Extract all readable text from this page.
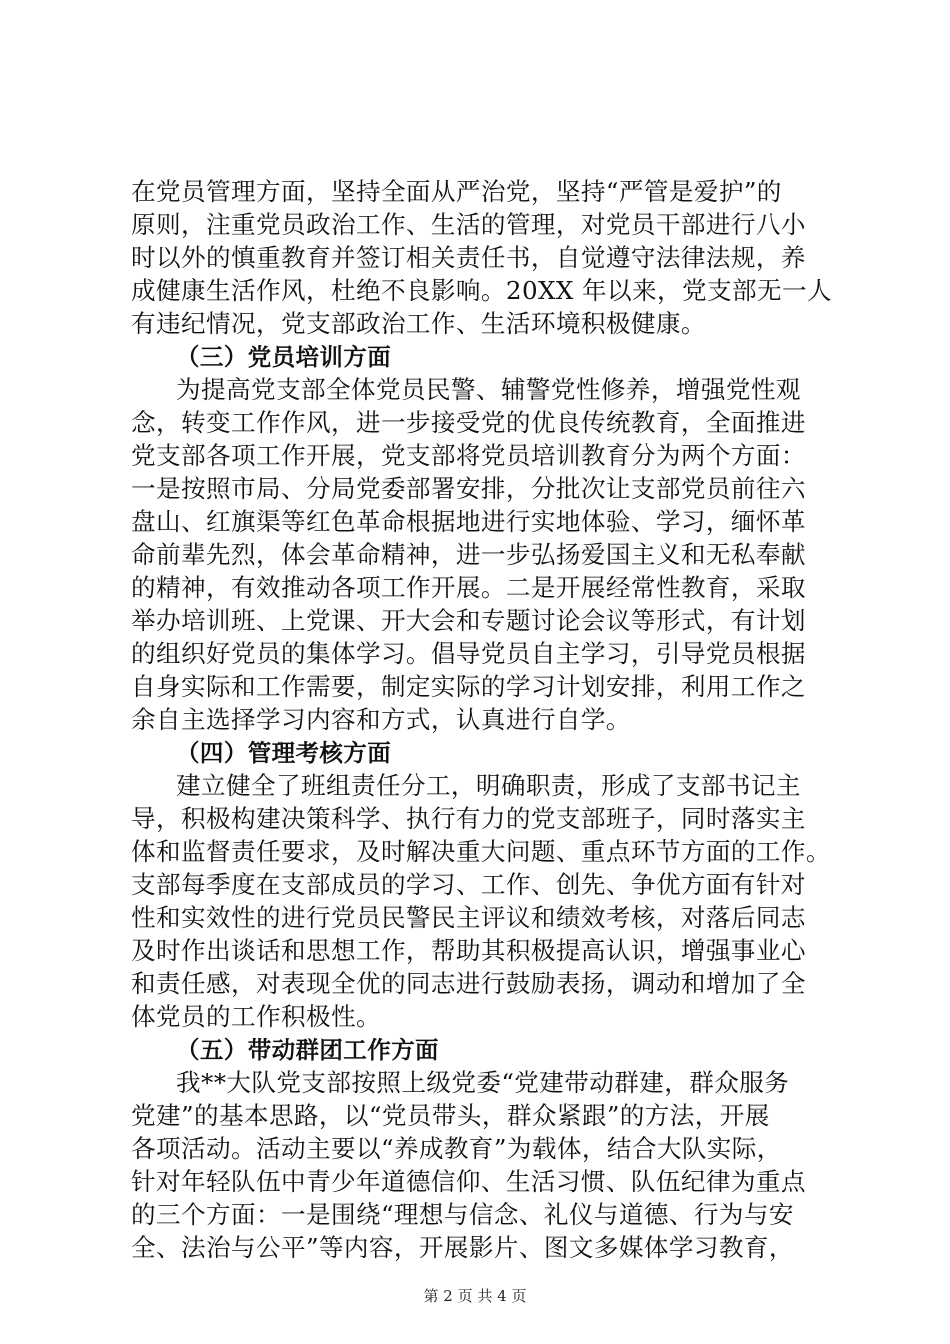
在党员管理方面，坚持全面从严治党，坚持“严管是爱护”的
原则，注重党员政治工作、生活的管理，对党员干部进行八小
时以外的慎重教育并签订相关责任书，自觉遵守法律法规，养
成健康生活作风，杜绝不良影响。20XX 年以来，党支部无一人
有违纪情况，党支部政治工作、生活环境积极健康。
（三）党员培训方面
为提高党支部全体党员民警、辅警党性修养，增强党性观
念，转变工作作风，进一步接受党的优良传统教育，全面推进
党支部各项工作开展，党支部将党员培训教育分为两个方面：
一是按照市局、分局党委部署安排，分批次让支部党员前往六
盘山、红旗渠等红色革命根据地进行实地体验、学习，缅怀革
命前辈先烈，体会革命精神，进一步弘扬爱国主义和无私奉献
的精神，有效推动各项工作开展。二是开展经常性教育，采取
举办培训班、上党课、开大会和专题讨论会议等形式，有计划
的组织好党员的集体学习。倡导党员自主学习，引导党员根据
自身实际和工作需要，制定实际的学习计划安排，利用工作之
余自主选择学习内容和方式，认真进行自学。
（四）管理考核方面
建立健全了班组责任分工，明确职责，形成了支部书记主
导，积极构建决策科学、执行有力的党支部班子，同时落实主
体和监督责任要求，及时解决重大问题、重点环节方面的工作。
支部每季度在支部成员的学习、工作、创先、争优方面有针对
性和实效性的进行党员民警民主评议和绩效考核，对落后同志
及时作出谈话和思想工作，帮助其积极提高认识，增强事业心
和责任感，对表现全优的同志进行鼓励表扬，调动和增加了全
体党员的工作积极性。
（五）带动群团工作方面
我**大队党支部按照上级党委“党建带动群建，群众服务
党建”的基本思路，以“党员带头，群众紧跟”的方法，开展
各项活动。活动主要以“养成教育”为载体，结合大队实际，
针对年轻队伍中青少年道德信仰、生活习惯、队伍纪律为重点
的三个方面：一是围绕“理想与信念、礼仪与道德、行为与安
全、法治与公平”等内容，开展影片、图文多媒体学习教育，
第 2 页 共 4 页
